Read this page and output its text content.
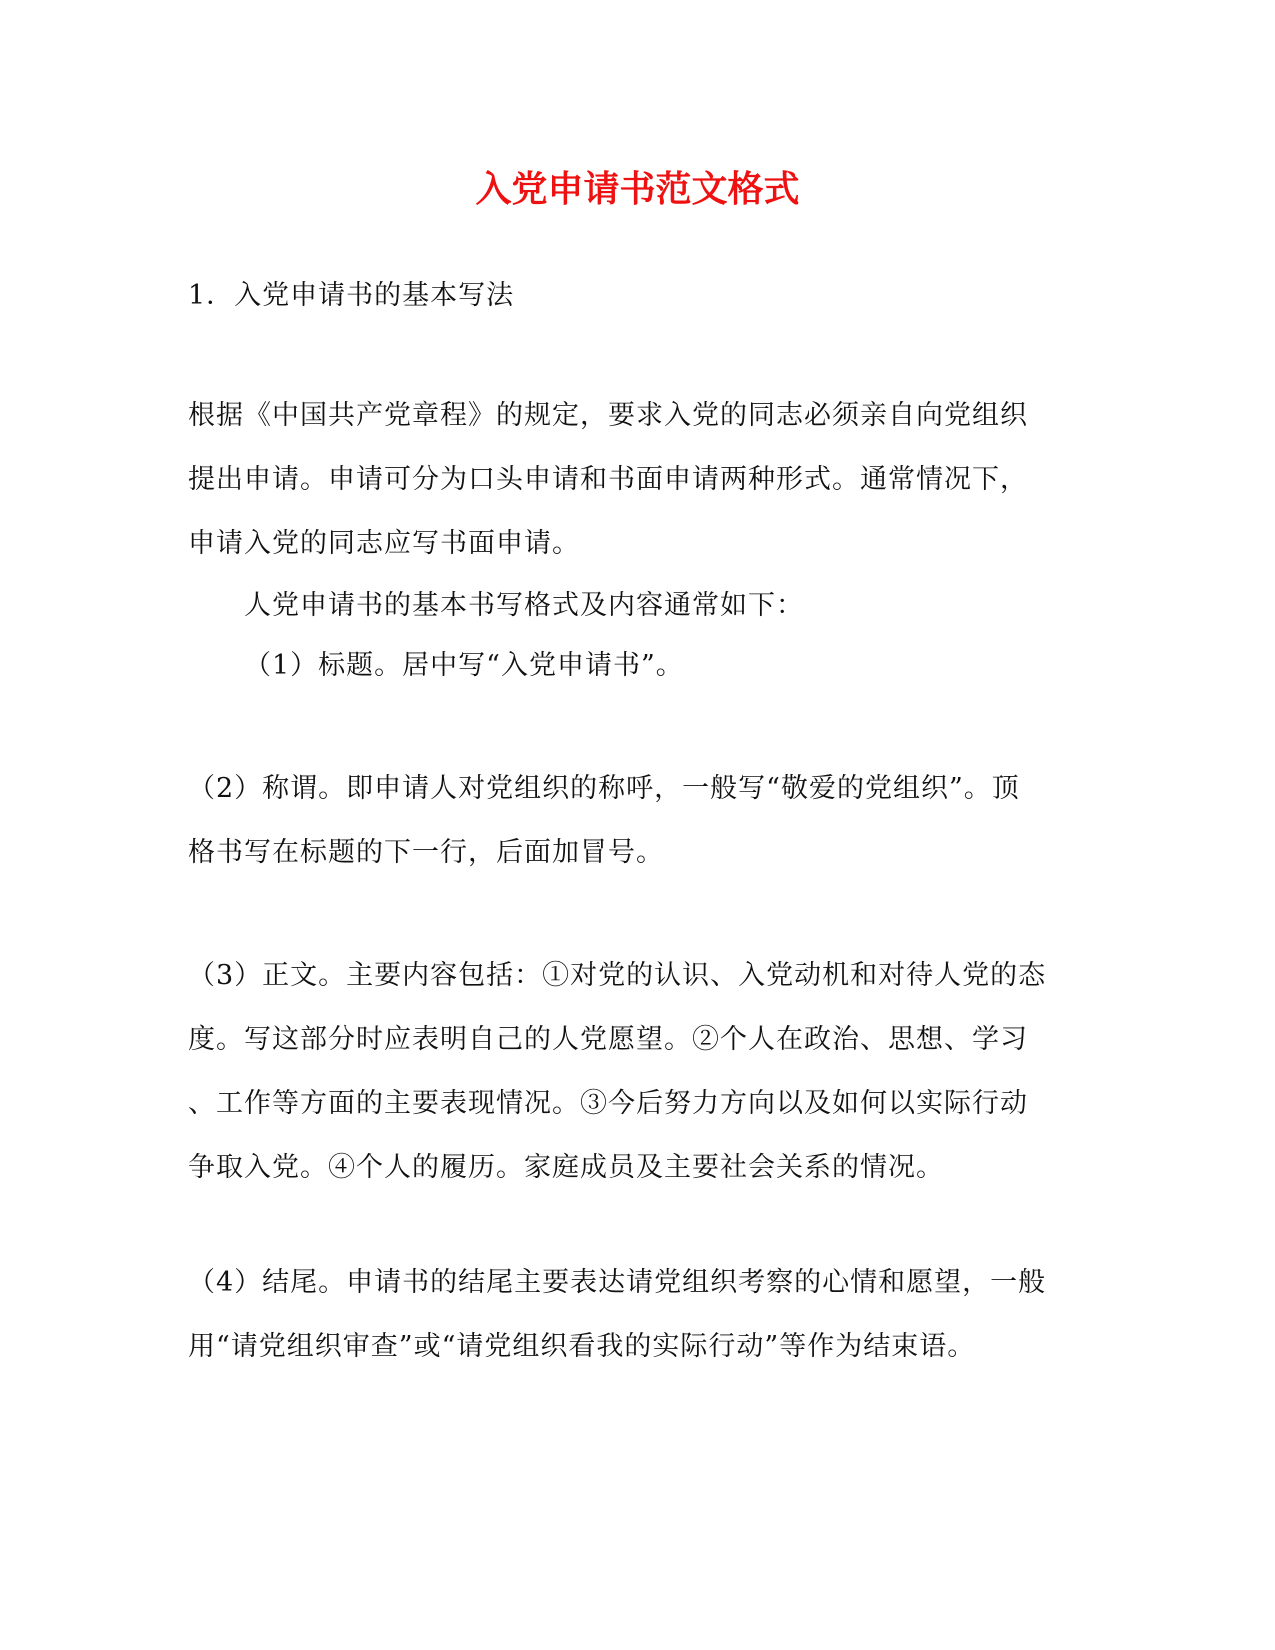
入党申请书范文格式

1．入党申请书的基本写法

根据《中国共产党章程》的规定，要求入党的同志必须亲自向党组织
提出申请。申请可分为口头申请和书面申请两种形式。通常情况下，
申请入党的同志应写书面申请。

人党申请书的基本书写格式及内容通常如下：

（1）标题。居中写“入党申请书”。

（2）称谓。即申请人对党组织的称呼，一般写“敬爱的党组织”。顶
格书写在标题的下一行，后面加冒号。

（3）正文。主要内容包括：①对党的认识、入党动机和对待人党的态
度。写这部分时应表明自己的人党愿望。②个人在政治、思想、学习
、工作等方面的主要表现情况。③今后努力方向以及如何以实际行动
争取入党。④个人的履历。家庭成员及主要社会关系的情况。

（4）结尾。申请书的结尾主要表达请党组织考察的心情和愿望，一般
用“请党组织审查”或“请党组织看我的实际行动”等作为结束语。
